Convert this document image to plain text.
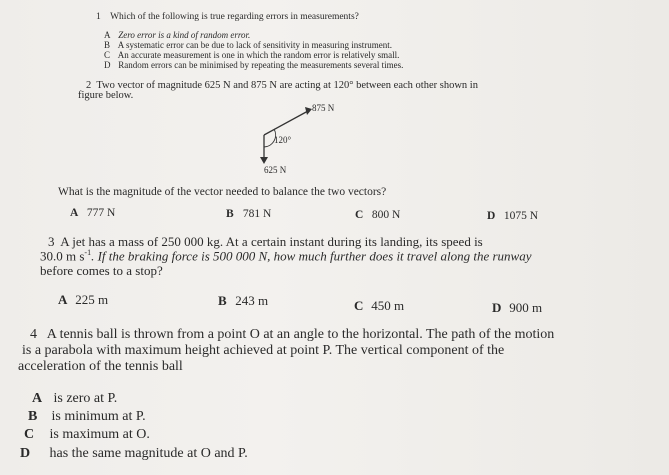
1 Which of the following is true regarding errors in measurements?
A Zero error is a kind of random error.
B A systematic error can be due to lack of sensitivity in measuring instrument.
C An accurate measurement is one in which the random error is relatively small.
D Random errors can be minimised by repeating the measurements several times.
2 Two vector of magnitude 625 N and 875 N are acting at 120° between each other shown in
figure below.
875 N
120°
625 N
What is the magnitude of the vector needed to balance the two vectors?
A 777 N	B 781 N	C 800 N	D 1075 N
3 A jet has a mass of 250 000 kg. At a certain instant during its landing, its speed is
30.0 m $s^{-1}$. If the braking force is 500 000 N, how much further does it travel along the runway
before comes to a stop?
A 225 m	B 243 m	C 450 m	D 900 m
4 A tennis ball is thrown from a point O at an angle to the horizontal. The path of the motion
is a parabola with maximum height achieved at point P. The vertical component of the
acceleration of the tennis ball
A is zero at P.
B is minimum at P.
C is maximum at O.
D has the same magnitude at O and P.
